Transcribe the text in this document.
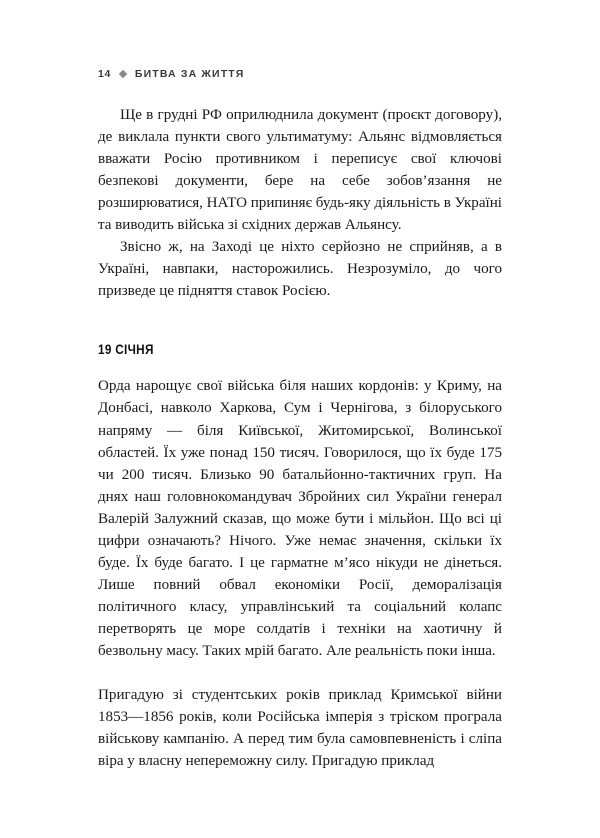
14 БИТВА ЗА ЖИТТЯ

Ще в грудні РФ оприлюднила документ (проєкт договору), де виклала пункти свого ультиматуму: Альянс відмовляється вважати Росію противником і переписує свої ключові безпекові документи, бере на себе зобов’язання не розширюватися, НАТО припиняє будь-яку діяльність в Україні та виводить війська зі східних держав Альянсу.

Звісно ж, на Заході це ніхто серйозно не сприйняв, а в Україні, навпаки, насторожились. Незрозуміло, до чого призведе це підняття ставок Росією.

19 СІЧНЯ

Орда нарощує свої війська біля наших кордонів: у Криму, на Донбасі, навколо Харкова, Сум і Чернігова, з білоруського напряму — біля Київської, Житомирської, Волинської областей. Їх уже понад 150 тисяч. Говорилося, що їх буде 175 чи 200 тисяч. Близько 90 батальйонно-тактичних груп. На днях наш головнокомандувач Збройних сил України генерал Валерій Залужний сказав, що може бути і мільйон. Що всі ці цифри означають? Нічого. Уже немає значення, скільки їх буде. Їх буде багато. І це гарматне м’ясо нікуди не дінеться. Лише повний обвал економіки Росії, деморалізація політичного класу, управлінський та соціальний колапс перетворять це море солдатів і техніки на хаотичну й безвольну масу. Таких мрій багато. Але реальність поки інша.

Пригадую зі студентських років приклад Кримської війни 1853—1856 років, коли Російська імперія з тріском програла військову кампанію. А перед тим була самовпевненість і сліпа віра у власну непереможну силу. Пригадую приклад
